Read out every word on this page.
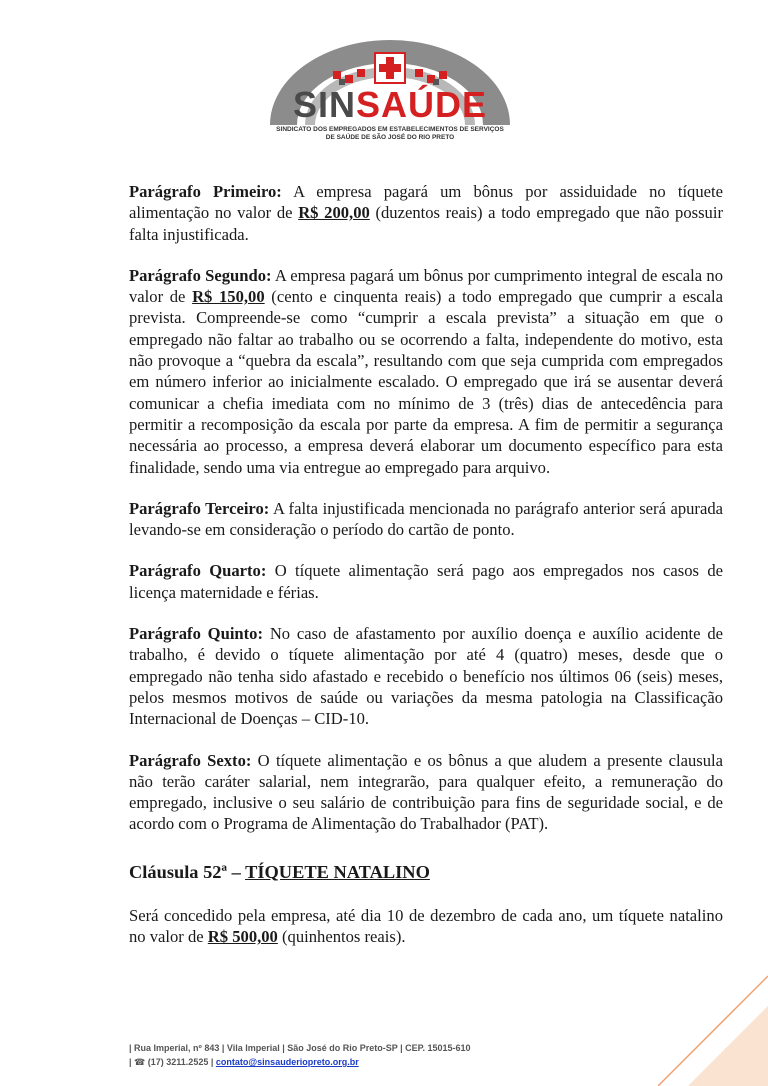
SINSAÚDE
SINDICATO DOS EMPREGADOS EM ESTABELECIMENTOS DE SERVIÇOS
DE SAÚDE DE SÃO JOSÉ DO RIO PRETO

Parágrafo Primeiro: A empresa pagará um bônus por assiduidade no tíquete alimentação no valor de R$ 200,00 (duzentos reais) a todo empregado que não possuir falta injustificada.

Parágrafo Segundo: A empresa pagará um bônus por cumprimento integral de escala no valor de R$ 150,00 (cento e cinquenta reais) a todo empregado que cumprir a escala prevista. Compreende-se como “cumprir a escala prevista” a situação em que o empregado não faltar ao trabalho ou se ocorrendo a falta, independente do motivo, esta não provoque a “quebra da escala”, resultando com que seja cumprida com empregados em número inferior ao inicialmente escalado. O empregado que irá se ausentar deverá comunicar a chefia imediata com no mínimo de 3 (três) dias de antecedência para permitir a recomposição da escala por parte da empresa. A fim de permitir a segurança necessária ao processo, a empresa deverá elaborar um documento específico para esta finalidade, sendo uma via entregue ao empregado para arquivo.

Parágrafo Terceiro: A falta injustificada mencionada no parágrafo anterior será apurada levando-se em consideração o período do cartão de ponto.

Parágrafo Quarto: O tíquete alimentação será pago aos empregados nos casos de licença maternidade e férias.

Parágrafo Quinto: No caso de afastamento por auxílio doença e auxílio acidente de trabalho, é devido o tíquete alimentação por até 4 (quatro) meses, desde que o empregado não tenha sido afastado e recebido o benefício nos últimos 06 (seis) meses, pelos mesmos motivos de saúde ou variações da mesma patologia na Classificação Internacional de Doenças – CID-10.

Parágrafo Sexto: O tíquete alimentação e os bônus a que aludem a presente clausula não terão caráter salarial, nem integrarão, para qualquer efeito, a remuneração do empregado, inclusive o seu salário de contribuição para fins de seguridade social, e de acordo com o Programa de Alimentação do Trabalhador (PAT).

Cláusula 52ª – TÍQUETE NATALINO

Será concedido pela empresa, até dia 10 de dezembro de cada ano, um tíquete natalino no valor de R$ 500,00 (quinhentos reais).

| Rua Imperial, nº 843 | Vila Imperial | São José do Rio Preto-SP | CEP. 15015-610
| ☎ (17) 3211.2525 | contato@sinsauderiopreto.org.br
